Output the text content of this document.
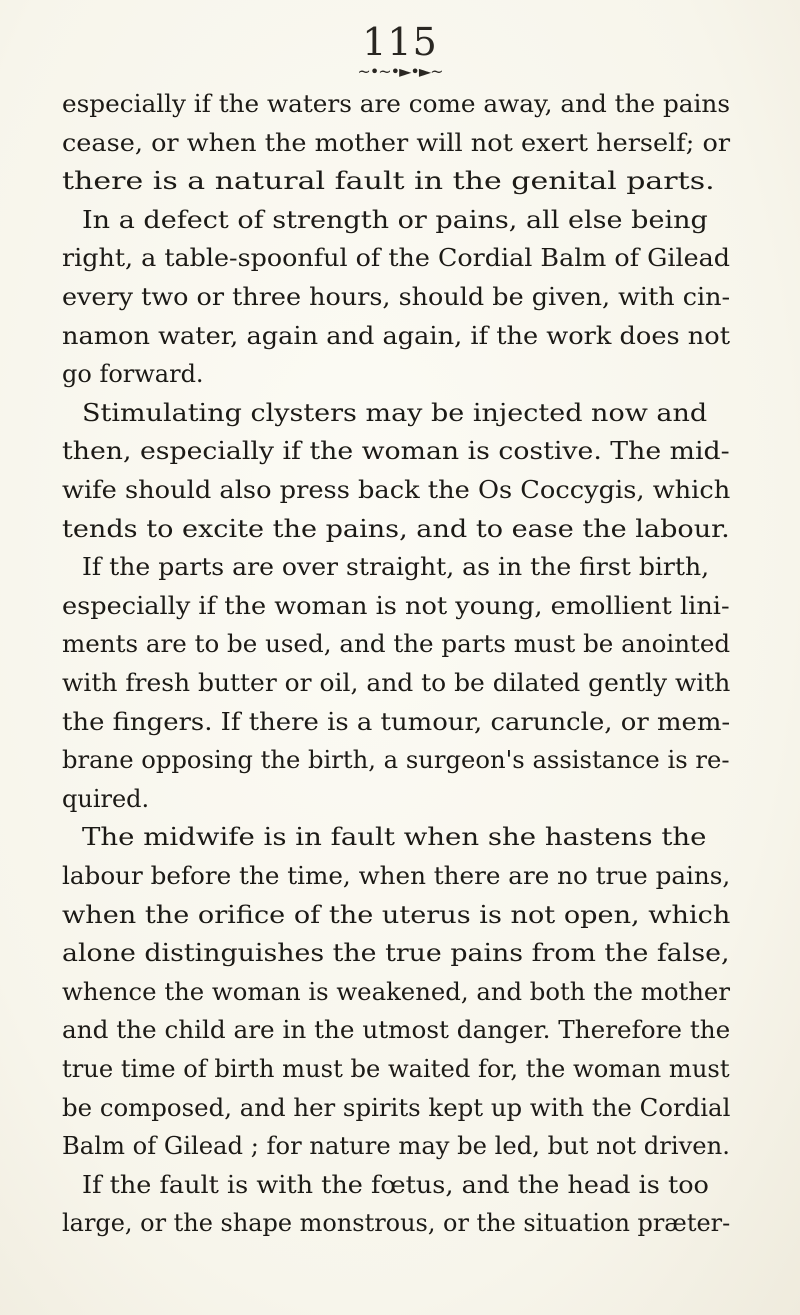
115
~•~•►•►~
especially if the waters are come away, and the pains
cease, or when the mother will not exert herself; or
there is a natural fault in the genital parts.
In a defect of strength or pains, all else being
right, a table-spoonful of the Cordial Balm of Gilead
every two or three hours, should be given, with cin-
namon water, again and again, if the work does not
go forward.
Stimulating clysters may be injected now and
then, especially if the woman is costive. The mid-
wife should also press back the Os Coccygis, which
tends to excite the pains, and to ease the labour.
If the parts are over straight, as in the first birth,
especially if the woman is not young, emollient lini-
ments are to be used, and the parts must be anointed
with fresh butter or oil, and to be dilated gently with
the fingers. If there is a tumour, caruncle, or mem-
brane opposing the birth, a surgeon's assistance is re-
quired.
The midwife is in fault when she hastens the
labour before the time, when there are no true pains,
when the orifice of the uterus is not open, which
alone distinguishes the true pains from the false,
whence the woman is weakened, and both the mother
and the child are in the utmost danger. Therefore the
true time of birth must be waited for, the woman must
be composed, and her spirits kept up with the Cordial
Balm of Gilead ; for nature may be led, but not driven.
If the fault is with the fœtus, and the head is too
large, or the shape monstrous, or the situation præter-
